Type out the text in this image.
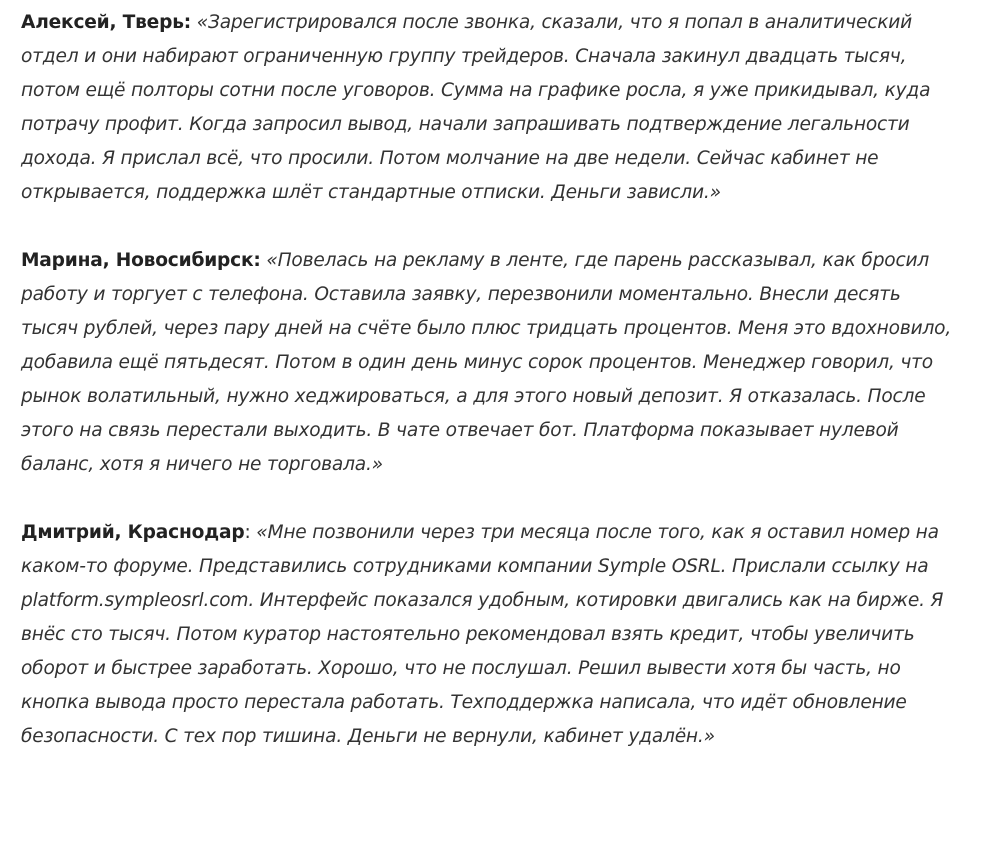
Алексей, Тверь: «Зарегистрировался после звонка, сказали, что я попал в аналитический отдел и они набирают ограниченную группу трейдеров. Сначала закинул двадцать тысяч, потом ещё полторы сотни после уговоров. Сумма на графике росла, я уже прикидывал, куда потрачу профит. Когда запросил вывод, начали запрашивать подтверждение легальности дохода. Я прислал всё, что просили. Потом молчание на две недели. Сейчас кабинет не открывается, поддержка шлёт стандартные отписки. Деньги зависли.»

Марина, Новосибирск: «Повелась на рекламу в ленте, где парень рассказывал, как бросил работу и торгует с телефона. Оставила заявку, перезвонили моментально. Внесли десять тысяч рублей, через пару дней на счёте было плюс тридцать процентов. Меня это вдохновило, добавила ещё пятьдесят. Потом в один день минус сорок процентов. Менеджер говорил, что рынок волатильный, нужно хеджироваться, а для этого новый депозит. Я отказалась. После этого на связь перестали выходить. В чате отвечает бот. Платформа показывает нулевой баланс, хотя я ничего не торговала.»

Дмитрий, Краснодар: «Мне позвонили через три месяца после того, как я оставил номер на каком-то форуме. Представились сотрудниками компании Symple OSRL. Прислали ссылку на platform.sympleosrl.com. Интерфейс показался удобным, котировки двигались как на бирже. Я внёс сто тысяч. Потом куратор настоятельно рекомендовал взять кредит, чтобы увеличить оборот и быстрее заработать. Хорошо, что не послушал. Решил вывести хотя бы часть, но кнопка вывода просто перестала работать. Техподдержка написала, что идёт обновление безопасности. С тех пор тишина. Деньги не вернули, кабинет удалён.»
